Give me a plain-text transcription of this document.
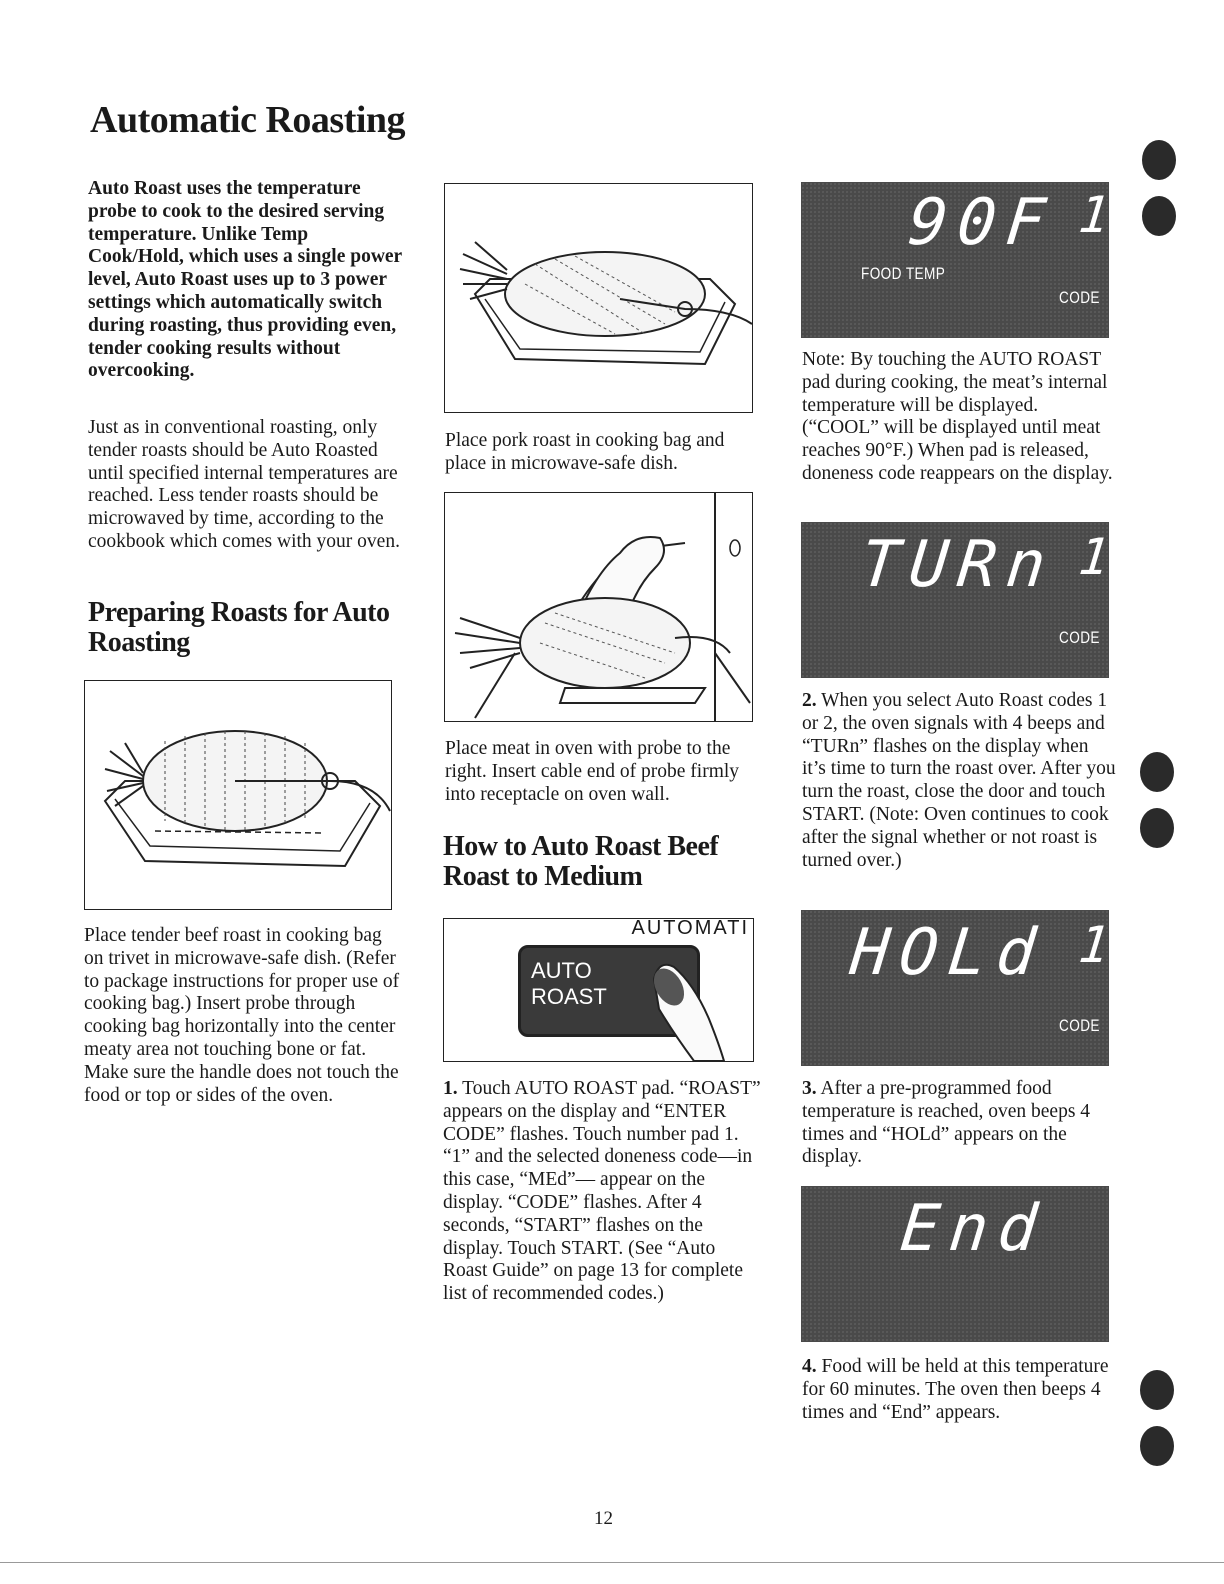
Automatic Roasting
Auto Roast uses the temperature probe to cook to the desired serving temperature. Unlike Temp Cook/Hold, which uses a single power level, Auto Roast uses up to 3 power settings which automatically switch during roasting, thus providing even, tender cooking results without overcooking.
Just as in conventional roasting, only tender roasts should be Auto Roasted until specified internal temperatures are reached. Less tender roasts should be microwaved by time, according to the cookbook which comes with your oven.
Preparing Roasts for Auto Roasting
Place tender beef roast in cooking bag on trivet in microwave-safe dish. (Refer to package instructions for proper use of cooking bag.) Insert probe through cooking bag horizontally into the center meaty area not touching bone or fat. Make sure the handle does not touch the food or top or sides of the oven.
Place pork roast in cooking bag and place in microwave-safe dish.
Place meat in oven with probe to the right. Insert cable end of probe firmly into receptacle on oven wall.
How to Auto Roast Beef Roast to Medium
AUTOMATI
AUTO
ROAST
1. Touch AUTO ROAST pad. “ROAST” appears on the display and “ENTER CODE” flashes. Touch number pad 1. “1” and the selected doneness code—in this case, “MEd”— appear on the display. “CODE” flashes. After 4 seconds, “START” flashes on the display. Touch START. (See “Auto Roast Guide” on page 13 for complete list of recommended codes.)
90F 1
FOOD TEMP
CODE
Note: By touching the AUTO ROAST pad during cooking, the meat’s internal temperature will be displayed. (“COOL” will be displayed until meat reaches 90°F.) When pad is released, doneness code reappears on the display.
TURn 1
CODE
2. When you select Auto Roast codes 1 or 2, the oven signals with 4 beeps and “TURn” flashes on the display when it’s time to turn the roast over. After you turn the roast, close the door and touch START. (Note: Oven continues to cook after the signal whether or not roast is turned over.)
HOLd 1
CODE
3. After a pre-programmed food temperature is reached, oven beeps 4 times and “HOLd” appears on the display.
End
4. Food will be held at this temperature for 60 minutes. The oven then beeps 4 times and “End” appears.
12
